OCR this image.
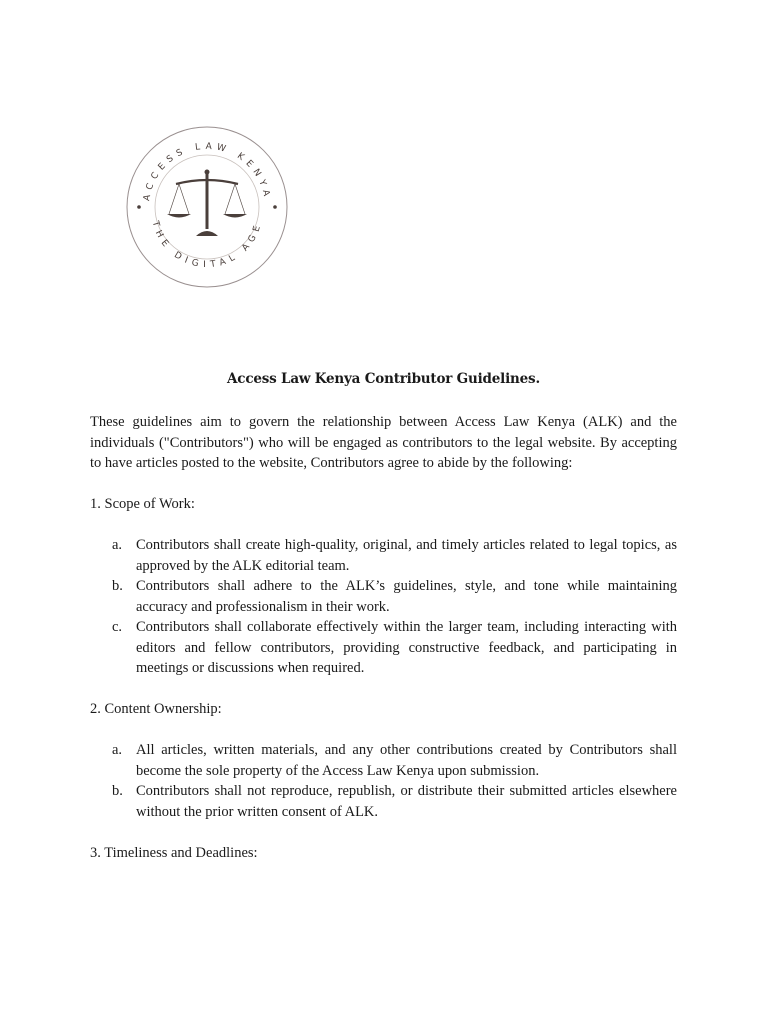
ACCESS LAW KENYA
THE DIGITAL AGE
Access Law Kenya Contributor Guidelines.
These guidelines aim to govern the relationship between Access Law Kenya (ALK) and the individuals ("Contributors") who will be engaged as contributors to the legal website. By accepting to have articles posted to the website, Contributors agree to abide by the following:
1. Scope of Work:
a. Contributors shall create high-quality, original, and timely articles related to legal topics, as approved by the ALK editorial team.
b. Contributors shall adhere to the ALK’s guidelines, style, and tone while maintaining accuracy and professionalism in their work.
c. Contributors shall collaborate effectively within the larger team, including interacting with editors and fellow contributors, providing constructive feedback, and participating in meetings or discussions when required.
2. Content Ownership:
a. All articles, written materials, and any other contributions created by Contributors shall become the sole property of the Access Law Kenya upon submission.
b. Contributors shall not reproduce, republish, or distribute their submitted articles elsewhere without the prior written consent of ALK.
3. Timeliness and Deadlines:
